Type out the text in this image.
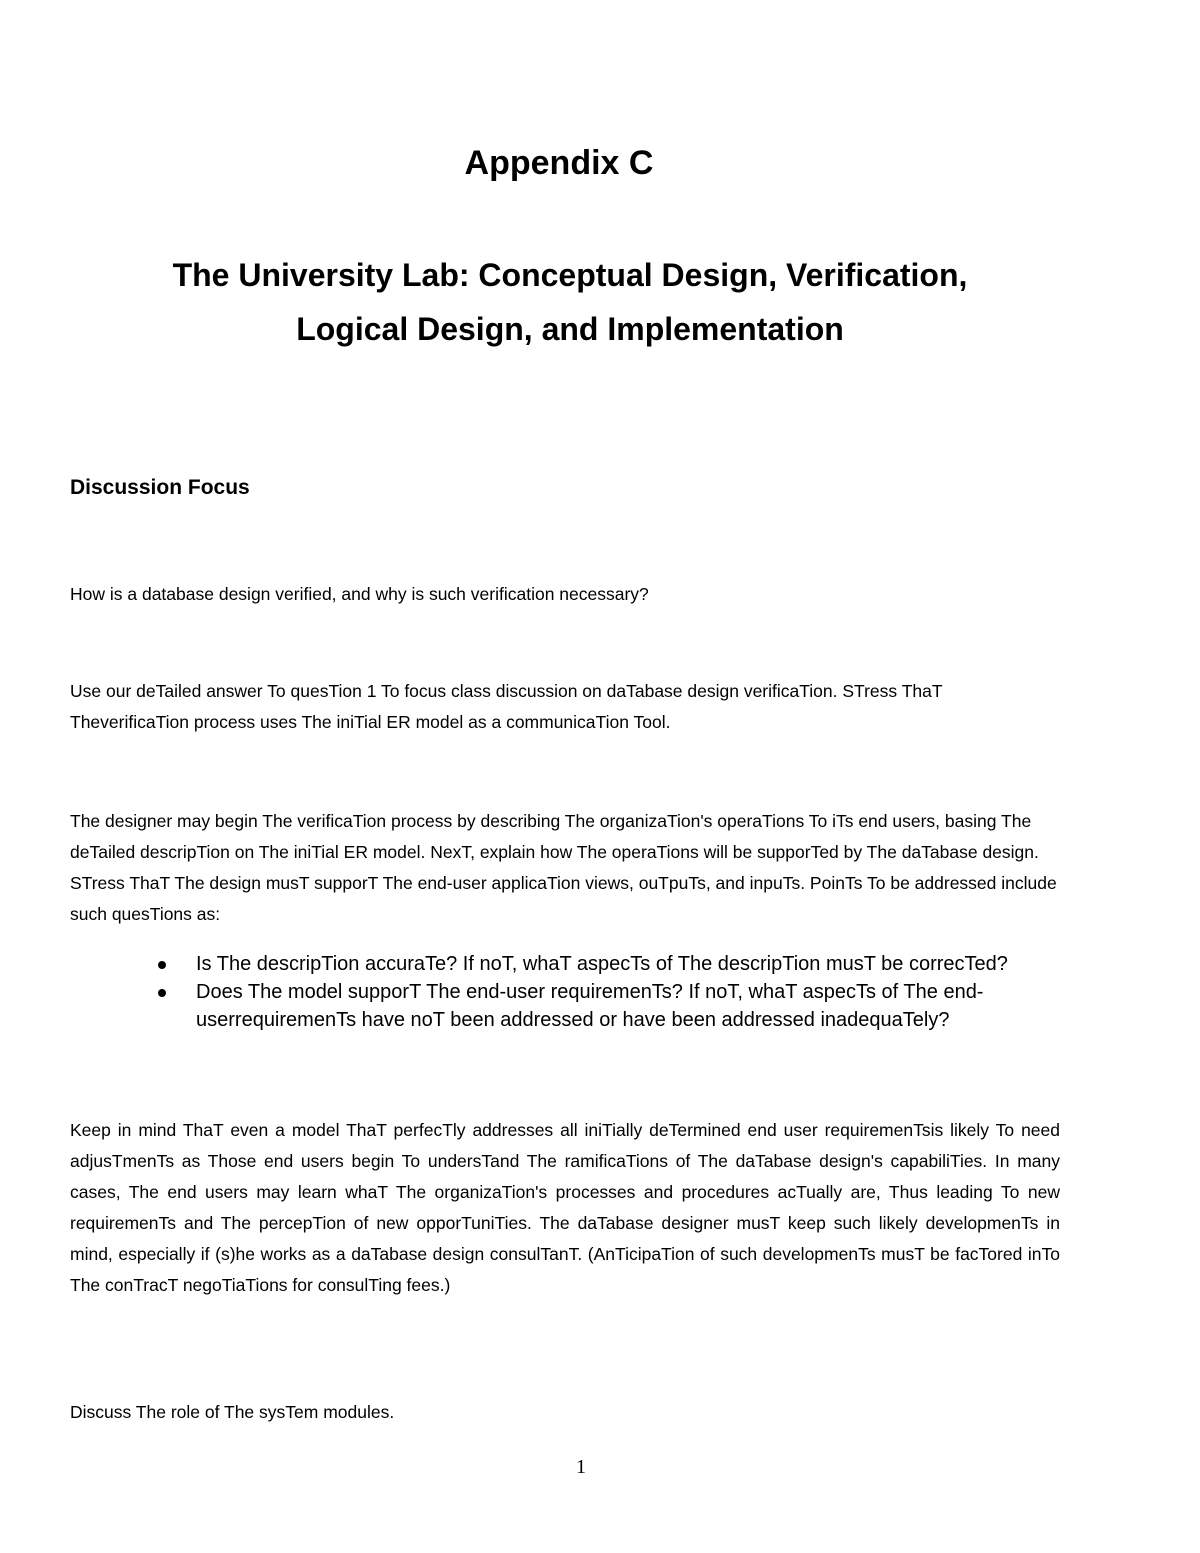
Appendix C
The University Lab: Conceptual Design, Verification,
Logical Design, and Implementation
Discussion Focus

How is a database design verified, and why is such verification necessary?

Use our deTailed answer To quesTion 1 To focus class discussion on daTabase design verificaTion. STress ThaT TheverificaTion process uses The iniTial ER model as a communicaTion Tool.

The designer may begin The verificaTion process by describing The organizaTion's operaTions To iTs end users, basing The deTailed descripTion on The iniTial ER model. NexT, explain how The operaTions will be supporTed by The daTabase design. STress ThaT The design musT supporT The end-user applicaTion views, ouTpuTs, and inpuTs. PoinTs To be addressed include such quesTions as:

Is The descripTion accuraTe? If noT, whaT aspecTs of The descripTion musT be correcTed?
Does The model supporT The end-user requiremenTs? If noT, whaT aspecTs of The end-userrequiremenTs have noT been addressed or have been addressed inadequaTely?

Keep in mind ThaT even a model ThaT perfecTly addresses all iniTially deTermined end user requiremenTsis likely To need adjusTmenTs as Those end users begin To undersTand The ramificaTions of The daTabase design's capabiliTies. In many cases, The end users may learn whaT The organizaTion's processes and procedures acTually are, Thus leading To new requiremenTs and The percepTion of new opporTuniTies. The daTabase designer musT keep such likely developmenTs in mind, especially if (s)he works as a daTabase design consulTanT. (AnTicipaTion of such developmenTs musT be facTored inTo The conTracT negoTiaTions for consulTing fees.)

Discuss The role of The sysTem modules.

1
